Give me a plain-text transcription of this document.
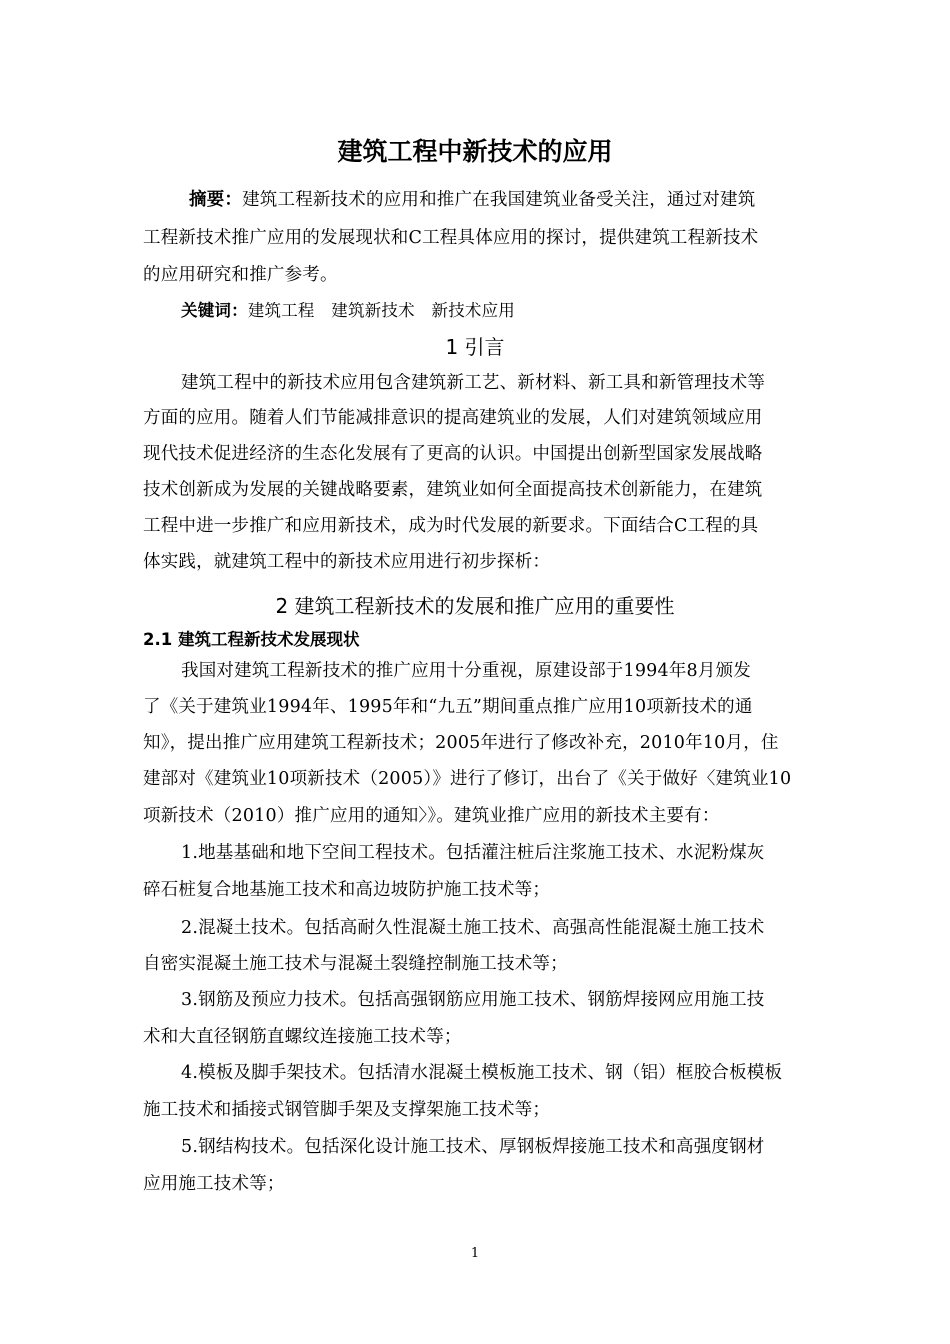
建筑工程中新技术的应用
摘要：建筑工程新技术的应用和推广在我国建筑业备受关注，通过对建筑
工程新技术推广应用的发展现状和C工程具体应用的探讨，提供建筑工程新技术
的应用研究和推广参考。
关键词：建筑工程　建筑新技术　新技术应用
1 引言
建筑工程中的新技术应用包含建筑新工艺、新材料、新工具和新管理技术等
方面的应用。随着人们节能减排意识的提高建筑业的发展，人们对建筑领域应用
现代技术促进经济的生态化发展有了更高的认识。中国提出创新型国家发展战略
技术创新成为发展的关键战略要素，建筑业如何全面提高技术创新能力，在建筑
工程中进一步推广和应用新技术，成为时代发展的新要求。下面结合C工程的具
体实践，就建筑工程中的新技术应用进行初步探析：
2 建筑工程新技术的发展和推广应用的重要性
2.1 建筑工程新技术发展现状
我国对建筑工程新技术的推广应用十分重视，原建设部于1994年8月颁发
了《关于建筑业1994年、1995年和“九五”期间重点推广应用10项新技术的通
知》，提出推广应用建筑工程新技术；2005年进行了修改补充，2010年10月，住
建部对《建筑业10项新技术（2005）》进行了修订，出台了《关于做好〈建筑业10
项新技术（2010）推广应用的通知〉》。建筑业推广应用的新技术主要有：
1.地基基础和地下空间工程技术。包括灌注桩后注浆施工技术、水泥粉煤灰
碎石桩复合地基施工技术和高边坡防护施工技术等；
2.混凝土技术。包括高耐久性混凝土施工技术、高强高性能混凝土施工技术
自密实混凝土施工技术与混凝土裂缝控制施工技术等；
3.钢筋及预应力技术。包括高强钢筋应用施工技术、钢筋焊接网应用施工技
术和大直径钢筋直螺纹连接施工技术等；
4.模板及脚手架技术。包括清水混凝土模板施工技术、钢（铝）框胶合板模板
施工技术和插接式钢管脚手架及支撑架施工技术等；
5.钢结构技术。包括深化设计施工技术、厚钢板焊接施工技术和高强度钢材
应用施工技术等；
1
